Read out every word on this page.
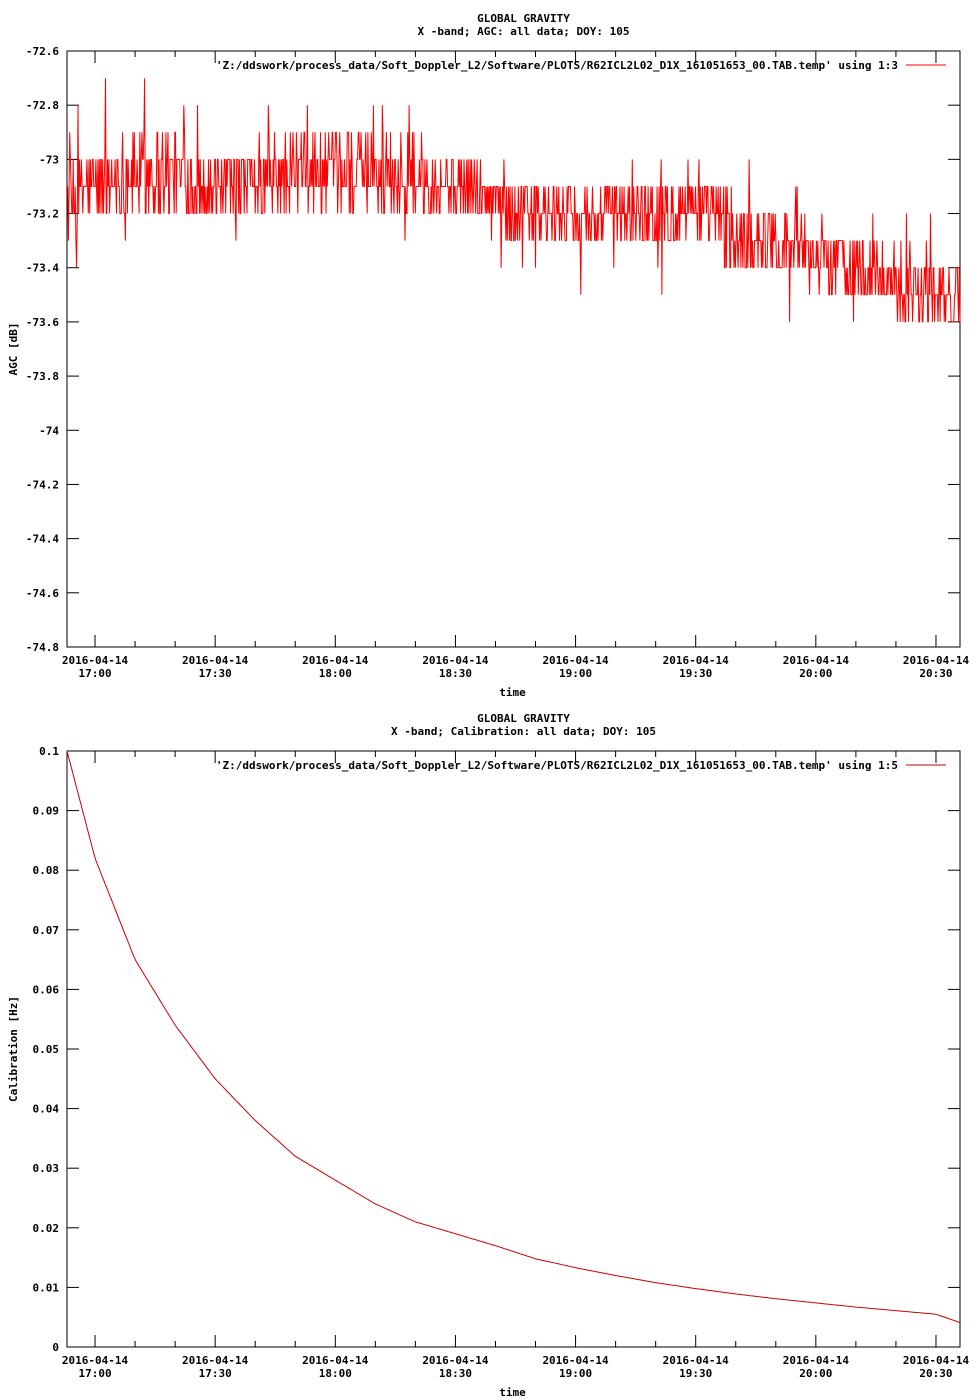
GLOBAL GRAVITY
X -band; AGC: all data; DOY: 105
-72.6
-72.8
-73
-73.2
-73.4
-73.6
-73.8
-74
-74.2
-74.4
-74.6
-74.8
2016-04-14
17:00
2016-04-14
17:30
2016-04-14
18:00
2016-04-14
18:30
2016-04-14
19:00
2016-04-14
19:30
2016-04-14
20:00
2016-04-14
20:30
time
AGC [dB]
'Z:/ddswork/process_data/Soft_Doppler_L2/Software/PLOTS/R62ICL2L02_D1X_161051653_00.TAB.temp' using 1:3
GLOBAL GRAVITY
X -band; Calibration: all data; DOY: 105
0.1
0.09
0.08
0.07
0.06
0.05
0.04
0.03
0.02
0.01
0
2016-04-14
17:00
2016-04-14
17:30
2016-04-14
18:00
2016-04-14
18:30
2016-04-14
19:00
2016-04-14
19:30
2016-04-14
20:00
2016-04-14
20:30
time
Calibration [Hz]
'Z:/ddswork/process_data/Soft_Doppler_L2/Software/PLOTS/R62ICL2L02_D1X_161051653_00.TAB.temp' using 1:5
